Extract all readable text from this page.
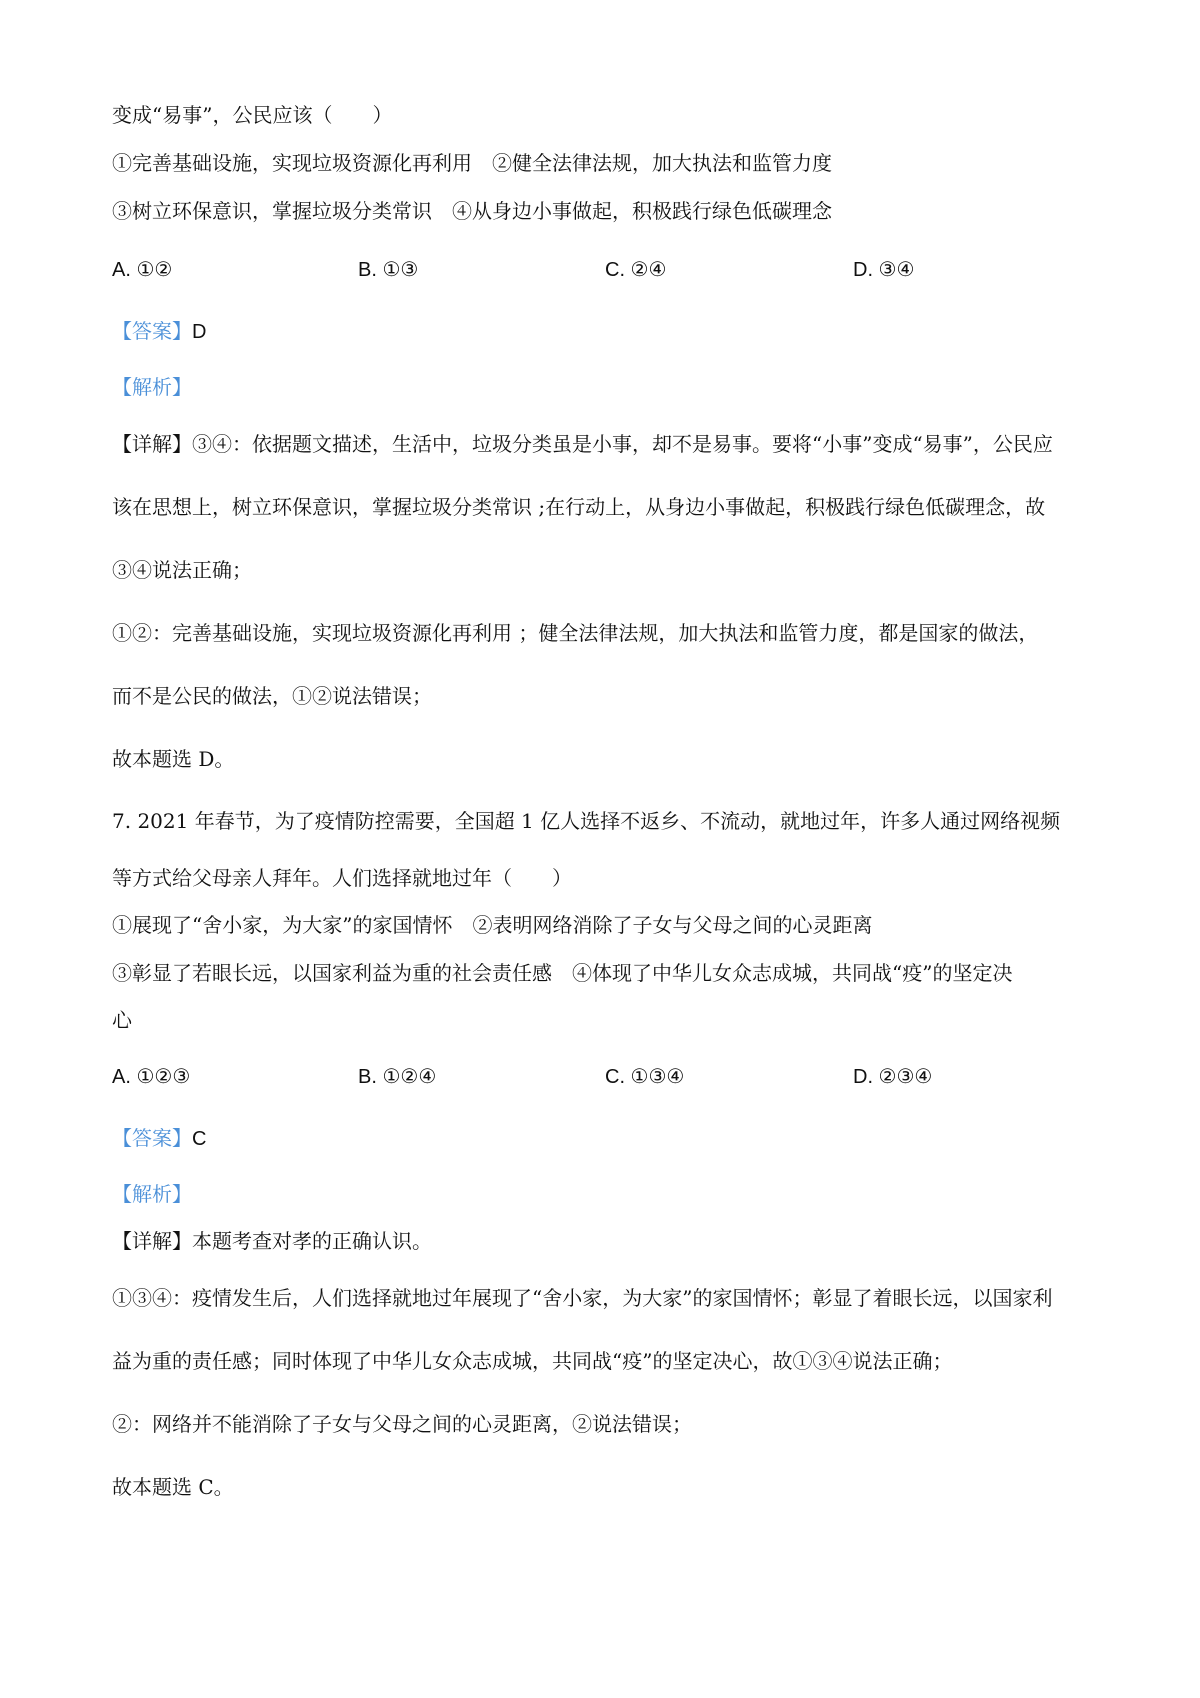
变成“易事”，公民应该（　　）
①完善基础设施，实现垃圾资源化再利用　②健全法律法规，加大执法和监管力度
③树立环保意识，掌握垃圾分类常识　④从身边小事做起，积极践行绿色低碳理念
A. ①②	B. ①③	C. ②④	D. ③④
【答案】D
【解析】
【详解】③④：依据题文描述，生活中，垃圾分类虽是小事，却不是易事。要将“小事”变成“易事”，公民应
该在思想上，树立环保意识，掌握垃圾分类常识 ;在行动上，从身边小事做起，积极践行绿色低碳理念，故
③④说法正确；
①②：完善基础设施，实现垃圾资源化再利用 ；健全法律法规，加大执法和监管力度，都是国家的做法，
而不是公民的做法，①②说法错误；
故本题选 D。
7. 2021 年春节，为了疫情防控需要，全国超 1 亿人选择不返乡、不流动，就地过年，许多人通过网络视频
等方式给父母亲人拜年。人们选择就地过年（　　）
①展现了“舍小家，为大家”的家国情怀　②表明网络消除了子女与父母之间的心灵距离
③彰显了若眼长远，以国家利益为重的社会责任感　④体现了中华儿女众志成城，共同战“疫”的坚定决
心
A. ①②③	B. ①②④	C. ①③④	D. ②③④
【答案】C
【解析】
【详解】本题考查对孝的正确认识。
①③④：疫情发生后，人们选择就地过年展现了“舍小家，为大家”的家国情怀；彰显了着眼长远，以国家利
益为重的责任感；同时体现了中华儿女众志成城，共同战“疫”的坚定决心，故①③④说法正确；
②：网络并不能消除了子女与父母之间的心灵距离，②说法错误；
故本题选 C。
